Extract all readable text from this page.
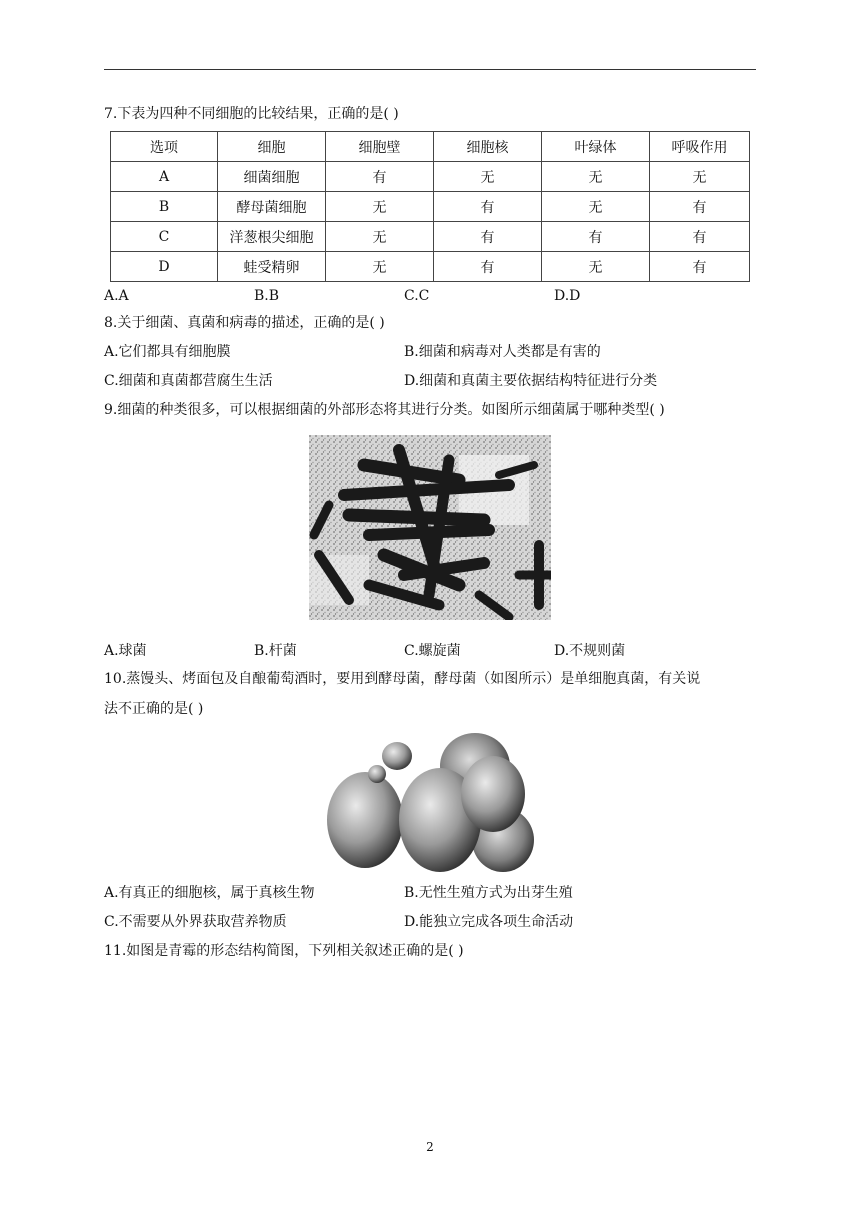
7.下表为四种不同细胞的比较结果，正确的是( )
选项	细胞	细胞壁	细胞核	叶绿体	呼吸作用
A	细菌细胞	有	无	无	无
B	酵母菌细胞	无	有	无	有
C	洋葱根尖细胞	无	有	有	有
D	蛙受精卵	无	有	无	有
A.A	B.B	C.C	D.D
8.关于细菌、真菌和病毒的描述，正确的是( )
A.它们都具有细胞膜	B.细菌和病毒对人类都是有害的
C.细菌和真菌都营腐生生活	D.细菌和真菌主要依据结构特征进行分类
9.细菌的种类很多，可以根据细菌的外部形态将其进行分类。如图所示细菌属于哪种类型( )
A.球菌	B.杆菌	C.螺旋菌	D.不规则菌
10.蒸馒头、烤面包及自酿葡萄酒时，要用到酵母菌，酵母菌（如图所示）是单细胞真菌，有关说
法不正确的是( )
A.有真正的细胞核，属于真核生物	B.无性生殖方式为出芽生殖
C.不需要从外界获取营养物质	D.能独立完成各项生命活动
11.如图是青霉的形态结构简图，下列相关叙述正确的是( )
2
